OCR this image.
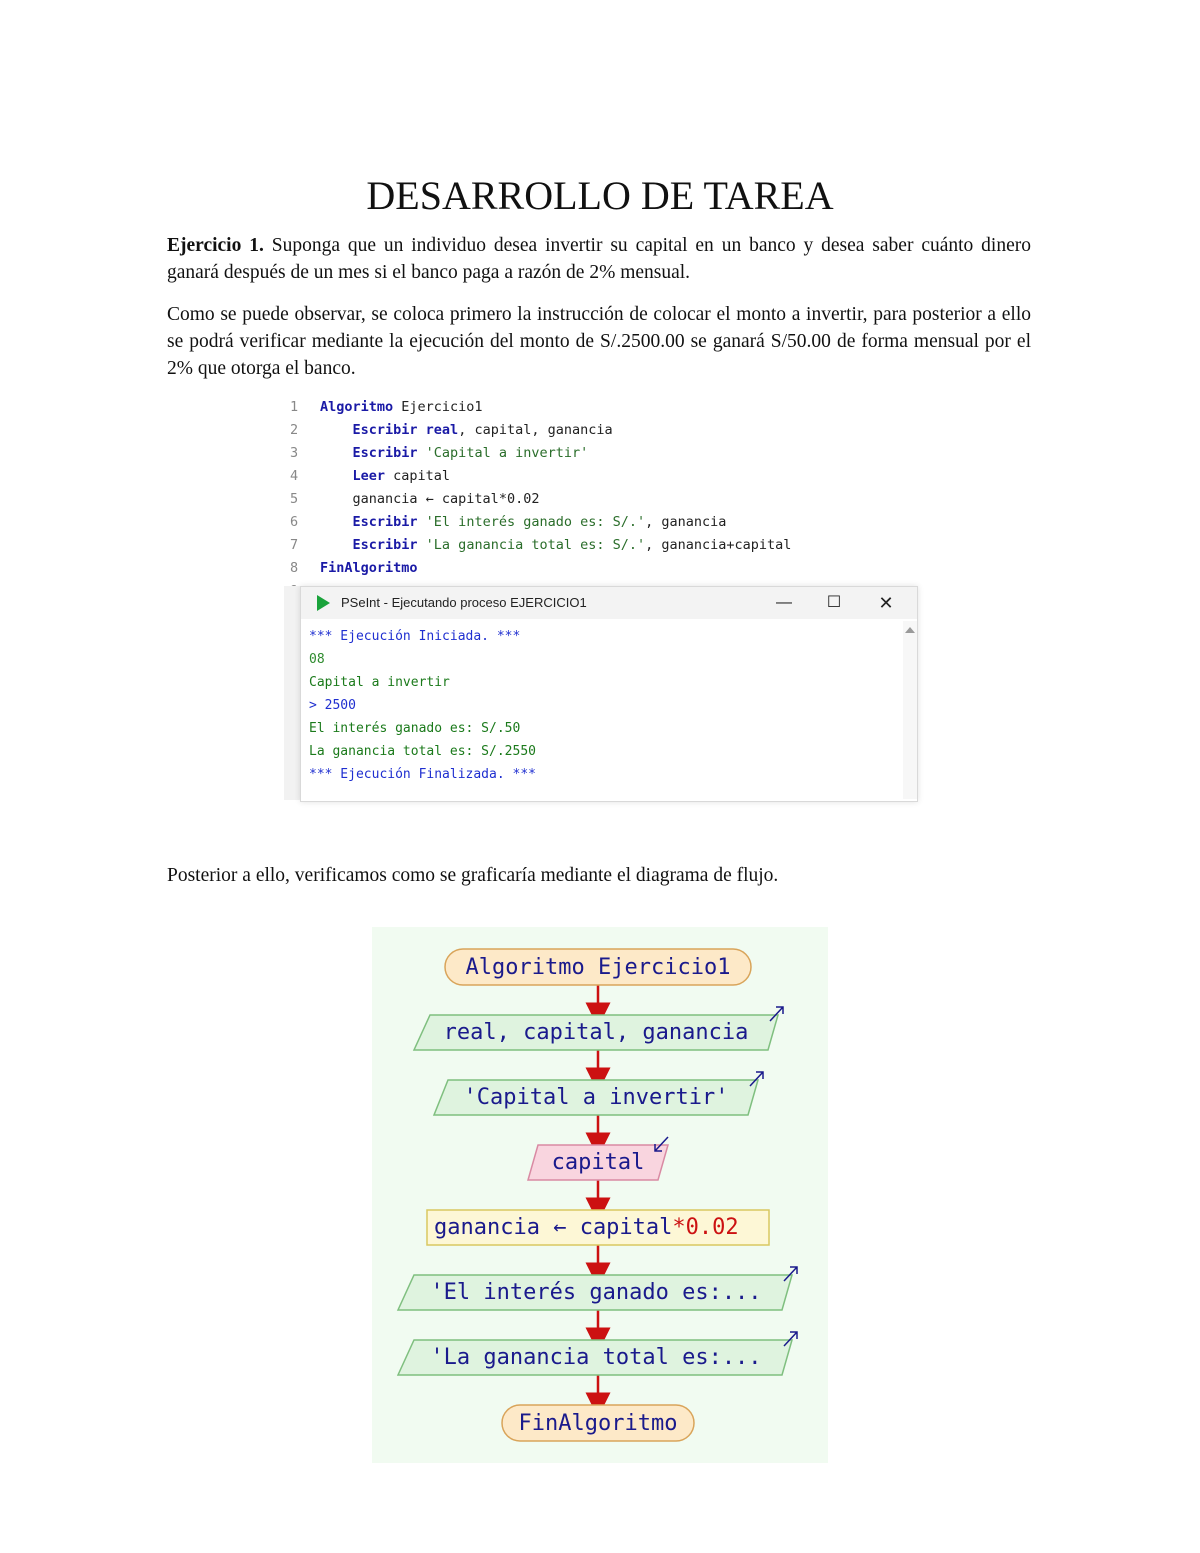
DESARROLLO DE TAREA

Ejercicio 1. Suponga que un individuo desea invertir su capital en un banco y desea saber cuánto dinero ganará después de un mes si el banco paga a razón de 2% mensual.

Como se puede observar, se coloca primero la instrucción de colocar el monto a invertir, para posterior a ello se podrá verificar mediante la ejecución del monto de S/.2500.00 se ganará S/50.00 de forma mensual por el 2% que otorga el banco.

1 Algoritmo Ejercicio1
2	Escribir real, capital, ganancia
3	Escribir 'Capital a invertir'
4	Leer capital
5	ganancia ← capital*0.02
6	Escribir 'El interés ganado es: S/.', ganancia
7	Escribir 'La ganancia total es: S/.', ganancia+capital
8 FinAlgoritmo
PSeInt - Ejecutando proceso EJERCICIO1	—	☐	✕
*** Ejecución Iniciada. ***
08
Capital a invertir
> 2500
El interés ganado es: S/.50
La ganancia total es: S/.2550
*** Ejecución Finalizada. ***

Posterior a ello, verificamos como se graficaría mediante el diagrama de flujo.

Algoritmo Ejercicio1
real, capital, ganancia
'Capital a invertir'
capital
ganancia ← capital*0.02
'El interés ganado es:...
'La ganancia total es:...
FinAlgoritmo
